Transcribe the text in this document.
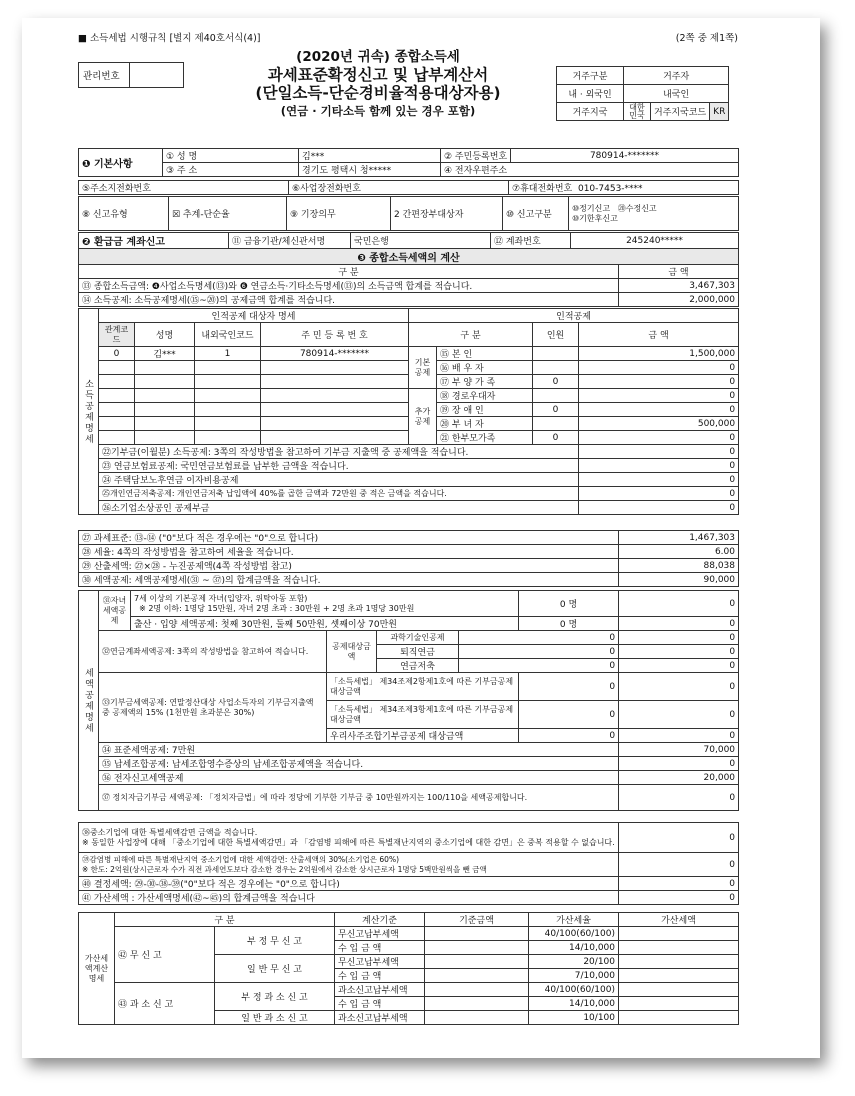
■ 소득세법 시행규칙 [별지 제40호서식(4)]	(2쪽 중 제1쪽)
관리번호
(2020년 귀속) 종합소득세
과세표준확정신고 및 납부계산서
(단일소득-단순경비율적용대상자용)
(연금 · 기타소득 함께 있는 경우 포함)
거주구분	거주자		
내 · 외국인	내국인		
거주지국	대한민국	거주지국코드	KR
❶ 기본사항	① 성 명	김***	② 주민등록번호	780914-*******
	③ 주 소	경기도 평택시 청*****	④ 전자우편주소	
⑤주소지전화번호	⑥사업장전화번호	⑦휴대전화번호 010-7453-****
⑧ 신고유형	☒ 추계-단순율	⑨ 기장의무	2 간편장부대상자	⑩ 신고구분	⑩정기신고 ⑳수정신고
⑩기한후신고
❷ 환급금 계좌신고	⑪ 금융기관/체신관서명	국민은행	⑫ 계좌번호	245240*****
❸ 종합소득세액의 계산	
구 분	금 액
⑬ 종합소득금액: ❹사업소득명세(⑬)와 ❻ 연금소득·기타소득명세(⑬)의 소득금액 합계를 적습니다.	3,467,303
⑭ 소득공제: 소득공제명세(⑮~⑳)의 공제금액 합계를 적습니다.	2,000,000
소득공제명세	인적공제 대상자 명세				인적공제			
	관계코드	성명	내외국인코드	주 민 등 록 번 호	구 분		인원	금 액
	0	김***	1	780914-*******	기본공제	⑮ 본 인		1,500,000
						⑯ 배 우 자		0
						⑰ 부 양 가 족	0	0
					추가공제	⑱ 경로우대자		0
						⑲ 장 애 인	0	0
						⑳ 부 녀 자		500,000
						㉑ 한부모가족	0	0
	㉒기부금(이월분) 소득공제: 3쪽의 작성방법을 참고하여 기부금 지출액 중 공제액을 적습니다.							0
	㉓ 연금보험료공제: 국민연금보험료를 납부한 금액을 적습니다.							0
	㉔ 주택담보노후연금 이자비용공제							0
	㉕개인연금저축공제: 개인연금저축 납입액에 40%를 곱한 금액과 72만원 중 적은 금액을 적습니다.							0
	㉖소기업소상공인 공제부금							0
㉗ 과세표준: ⑬-⑭ ("0"보다 적은 경우에는 "0"으로 합니다)	1,467,303
㉘ 세율: 4쪽의 작성방법을 참고하여 세율을 적습니다.	6.00
㉙ 산출세액: ㉗×㉘ - 누진공제액(4쪽 작성방법 참고)	88,038
㉚ 세액공제: 세액공제명세(㉛ ~ ㊲)의 합계금액을 적습니다.	90,000
세액공제명세	㉛자녀세액공제	7세 이상의 기본공제 자녀(입양자, 위탁아동 포함)
※ 2명 이하: 1명당 15만원, 자녀 2명 초과 : 30만원 + 2명 초과 1명당 30만원				0 명	0
		출산 · 입양 세액공제: 첫째 30만원, 둘째 50만원, 셋째이상 70만원				0 명	0
	㉜연금계좌세액공제: 3쪽의 작성방법을 참고하여 적습니다.		공제대상금액	과학기술인공제	0		0
				퇴직연금	0		0
				연금저축	0		0
	㉝기부금세액공제: 연말정산대상 사업소득자의 기부금지출액 중 공제액의 15% (1천만원 초과분은 30%)		「소득세법」 제34조제2항제1호에 따른 기부금공제 대상금액			0	0
			「소득세법」 제34조제3항제1호에 따른 기부금공제 대상금액			0	0
			우리사주조합기부금공제 대상금액			0	0
	㉞ 표준세액공제: 7만원						70,000
	㉟ 납세조합공제: 납세조합영수증상의 납세조합공제액을 적습니다.						0
	㊱ 전자신고세액공제						20,000
	㊲ 정치자금기부금 세액공제: 「정치자금법」에 따라 정당에 기부한 기부금 중 10만원까지는 100/110을 세액공제합니다.						0
㊳중소기업에 대한 특별세액감면 금액을 적습니다.
※ 동일한 사업장에 대해 「중소기업에 대한 특별세액감면」과 「감염병 피해에 따른 특별재난지역의 중소기업에 대한 감면」은 중복 적용할 수 없습니다.	0
㊴감염병 피해에 따른 특별재난지역 중소기업에 대한 세액감면: 산출세액의 30%(소기업은 60%)
※ 한도: 2억원(상시근로자 수가 직전 과세연도보다 감소한 경우는 2억원에서 감소한 상시근로자 1명당 5백만원씩을 뺀 금액	0
㊵ 결정세액: ㉙-㉚-㊳-㊴("0"보다 적은 경우에는 "0"으로 합니다)	0
㊶ 가산세액 : 가산세액명세(㊷~㊺)의 합계금액을 적습니다	0
가산세액계산명세	구 분		계산기준	기준금액	가산세율	가산세액
	㊷ 무 신 고	부 정 무 신 고	무신고납부세액		40/100(60/100)	
			수 입 금 액		14/10,000	
		일 반 무 신 고	무신고납부세액		20/100	
			수 입 금 액		7/10,000	
	㊸ 과 소 신 고	부 정 과 소 신 고	과소신고납부세액		40/100(60/100)	
			수 입 금 액		14/10,000	
		일 반 과 소 신 고	과소신고납부세액		10/100	
